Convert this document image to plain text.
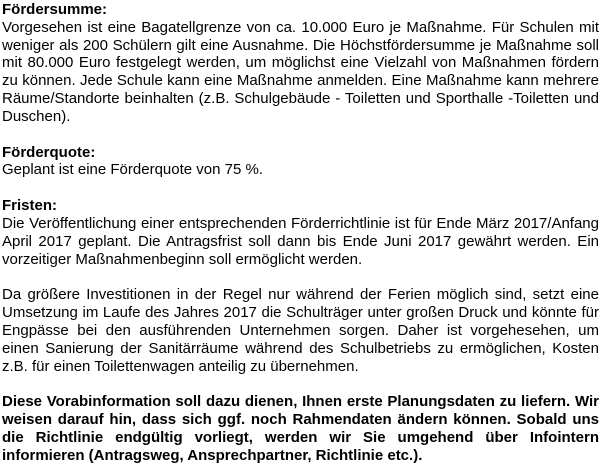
Fördersumme:

Vorgesehen ist eine Bagatellgrenze von ca. 10.000 Euro je Maßnahme. Für Schulen mit weniger als 200 Schülern gilt eine Ausnahme. Die Höchstfördersumme je Maßnahme soll mit 80.000 Euro festgelegt werden, um möglichst eine Vielzahl von Maßnahmen fördern zu können. Jede Schule kann eine Maßnahme anmelden. Eine Maßnahme kann mehrere Räume/Standorte beinhalten (z.B. Schulgebäude - Toiletten und Sporthalle -Toiletten und Duschen).

Förderquote:

Geplant ist eine Förderquote von 75 %.

Fristen:

Die Veröffentlichung einer entsprechenden Förderrichtlinie ist für Ende März 2017/Anfang April 2017 geplant. Die Antragsfrist soll dann bis Ende Juni 2017 gewährt werden. Ein vorzeitiger Maßnahmenbeginn soll ermöglicht werden.

Da größere Investitionen in der Regel nur während der Ferien möglich sind, setzt eine Umsetzung im Laufe des Jahres 2017 die Schulträger unter großen Druck und könnte für Engpässe bei den ausführenden Unternehmen sorgen. Daher ist vorgehesehen, um einen Sanierung der Sanitärräume während des Schulbetriebs zu ermöglichen, Kosten z.B. für einen Toilettenwagen anteilig zu übernehmen.

Diese Vorabinformation soll dazu dienen, Ihnen erste Planungsdaten zu liefern. Wir weisen darauf hin, dass sich ggf. noch Rahmendaten ändern können. Sobald uns die Richtlinie endgültig vorliegt, werden wir Sie umgehend über Infointern informieren (Antragsweg, Ansprechpartner, Richtlinie etc.).
